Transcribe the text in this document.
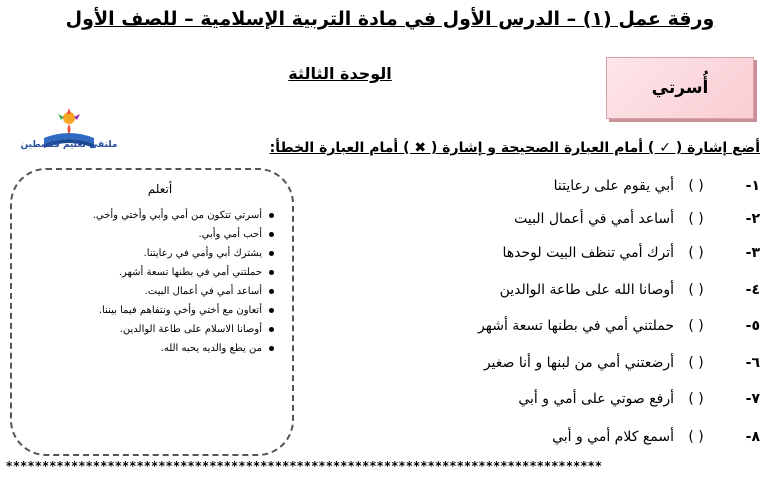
ورقة عمل (١) – الدرس الأول في مادة التربية الإسلامية – للصف الأول
الوحدة الثالثة
أُسرتي
ملتقى تعليم فلسطين	أضع إشارة ( ✓ ) أمام العبارة الصحيحة و إشارة ( ✖ ) أمام العبارة الخطأ:
أتعلم
أسرتي تتكون من أمي وأبي وأختي وأخي.
أحب أمي وأبي.
يشترك أبي وأمي في رعايتنا.
حملتني أمي في بطنها تسعة أشهر.
أساعد أمي في أعمال البيت.
أتعاون مع أختي وأخي ونتفاهم فيما بيننا.
أوصانا الاسلام على طاعة الوالدين.
من يطع والديه يحبه الله.
١-
( )
أبي يقوم على رعايتنا
٢-
( )
أساعد أمي في أعمال البيت
٣-
( )
أترك أمي تنظف البيت لوحدها
٤-
( )
أوصانا الله على طاعة الوالدين
٥-
( )
حملتني أمي في بطنها تسعة أشهر
٦-
( )
أرضعتني أمي من لبنها و أنا صغير
٧-
( )
أرفع صوتي على أمي و أبي
٨-
( )
أسمع كلام أمي و أبي
**********************************************************************************
